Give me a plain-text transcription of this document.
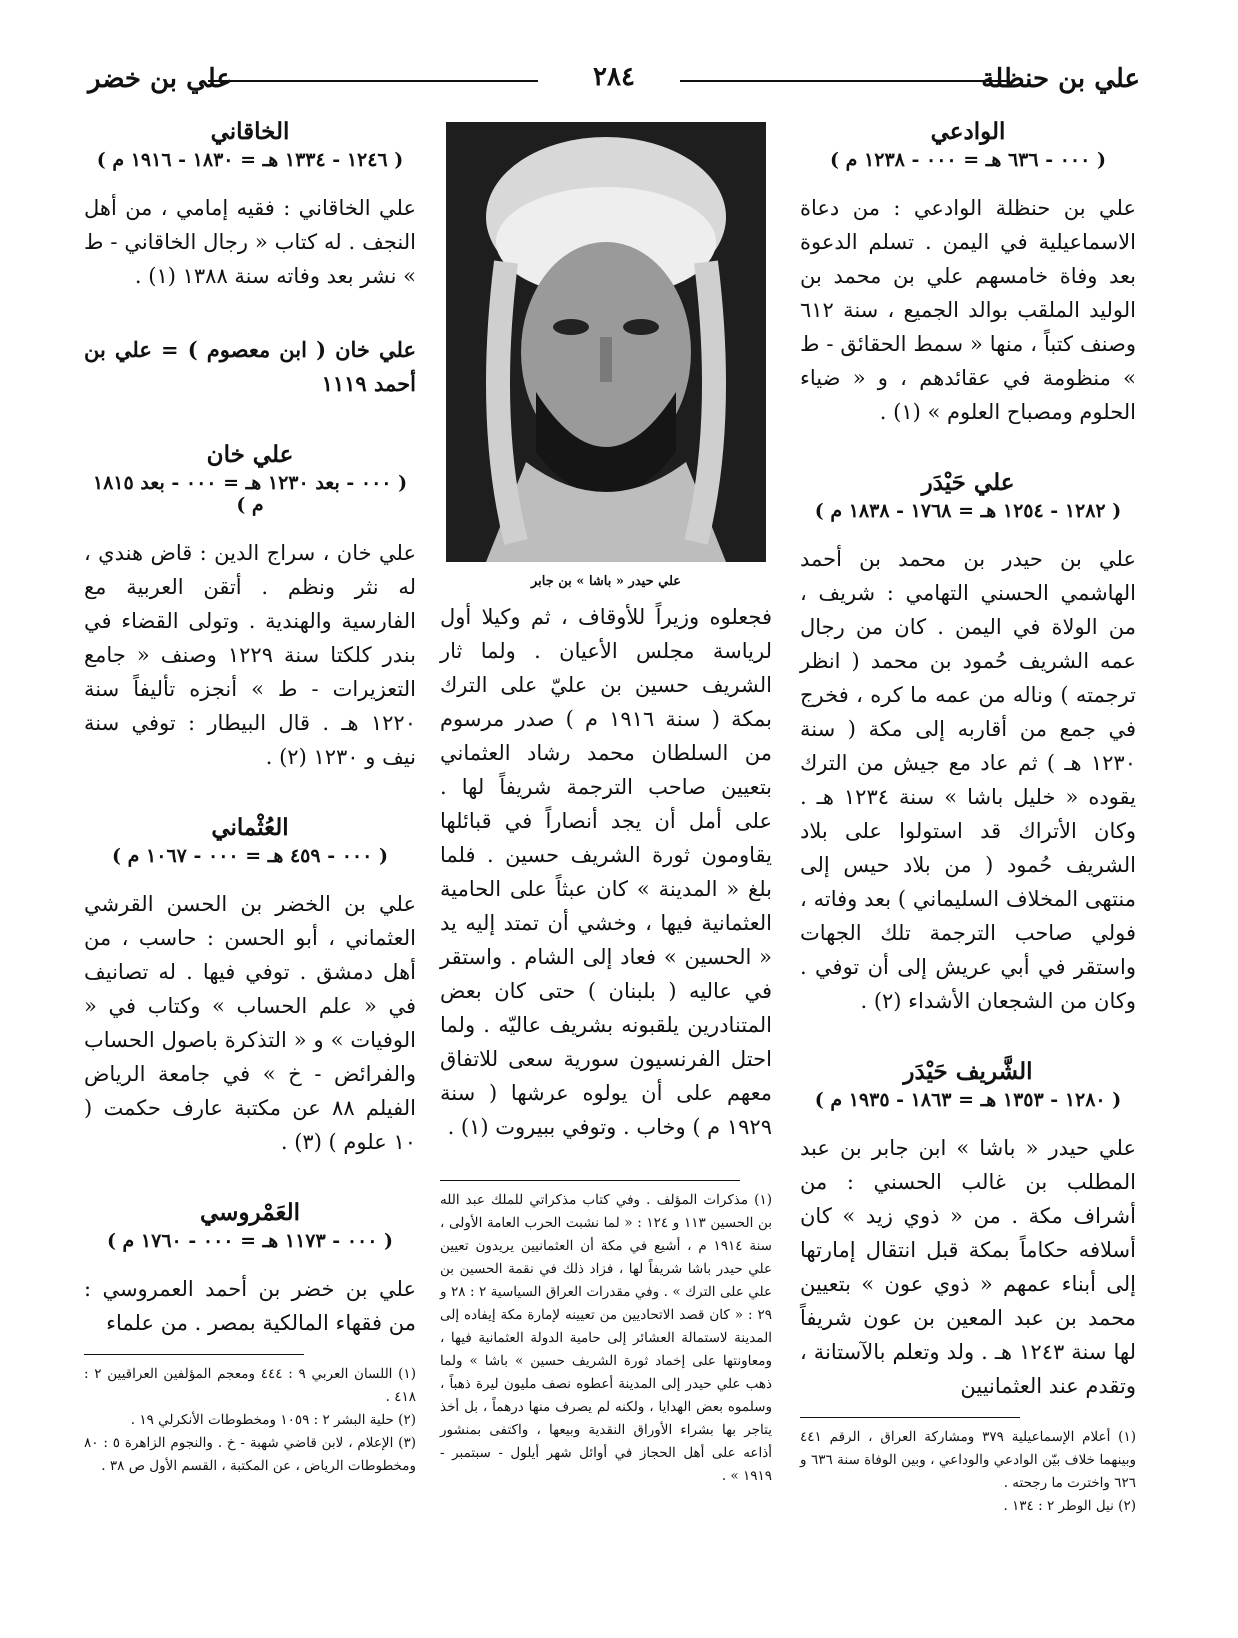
علي بن حنظلة
٢٨٤
علي بن خضر
الوادعي
( ٠٠٠ - ٦٣٦ هـ = ٠٠٠ - ١٢٣٨ م )

علي بن حنظلة الوادعي : من دعاة الاسماعيلية في اليمن . تسلم الدعوة بعد وفاة خامسهم علي بن محمد بن الوليد الملقب بوالد الجميع ، سنة ٦١٢ وصنف كتباً ، منها « سمط الحقائق - ط » منظومة في عقائدهم ، و « ضياء الحلوم ومصباح العلوم » (١) .

علي حَيْدَر
( ١٢٨٢ - ١٢٥٤ هـ = ١٧٦٨ - ١٨٣٨ م )

علي بن حيدر بن محمد بن أحمد الهاشمي الحسني التهامي : شريف ، من الولاة في اليمن . كان من رجال عمه الشريف حُمود بن محمد ( انظر ترجمته ) وناله من عمه ما كره ، فخرج في جمع من أقاربه إلى مكة ( سنة ١٢٣٠ هـ ) ثم عاد مع جيش من الترك يقوده « خليل باشا » سنة ١٢٣٤ هـ . وكان الأتراك قد استولوا على بلاد الشريف حُمود ( من بلاد حيس إلى منتهى المخلاف السليماني ) بعد وفاته ، فولي صاحب الترجمة تلك الجهات واستقر في أبي عريش إلى أن توفي . وكان من الشجعان الأشداء (٢) .

الشَّريف حَيْدَر
( ١٢٨٠ - ١٣٥٣ هـ = ١٨٦٣ - ١٩٣٥ م )

علي حيدر « باشا » ابن جابر بن عبد المطلب بن غالب الحسني : من أشراف مكة . من « ذوي زيد » كان أسلافه حكاماً بمكة قبل انتقال إمارتها إلى أبناء عمهم « ذوي عون » بتعيين محمد بن عبد المعين بن عون شريفاً لها سنة ١٢٤٣ هـ . ولد وتعلم بالآستانة ، وتقدم عند العثمانيين

(١) أعلام الإسماعيلية ٣٧٩ ومشاركة العراق ، الرقم ٤٤١ وبينهما خلاف بيّن الوادعي والوداعي ، وبين الوفاة سنة ٦٣٦ و ٦٢٦ واخترت ما رجحته .

(٢) نيل الوطر ٢ : ١٣٤ .

علي حيدر « باشا » بن جابر

فجعلوه وزيراً للأوقاف ، ثم وكيلا أول لرياسة مجلس الأعيان . ولما ثار الشريف حسين بن عليّ على الترك بمكة ( سنة ١٩١٦ م ) صدر مرسوم من السلطان محمد رشاد العثماني بتعيين صاحب الترجمة شريفاً لها . على أمل أن يجد أنصاراً في قبائلها يقاومون ثورة الشريف حسين . فلما بلغ « المدينة » كان عبثاً على الحامية العثمانية فيها ، وخشي أن تمتد إليه يد « الحسين » فعاد إلى الشام . واستقر في عاليه ( بلبنان ) حتى كان بعض المتنادرين يلقبونه بشريف عاليّه . ولما احتل الفرنسيون سورية سعى للاتفاق معهم على أن يولوه عرشها ( سنة ١٩٢٩ م ) وخاب . وتوفي ببيروت (١) .

(١) مذكرات المؤلف . وفي كتاب مذكراتي للملك عبد الله بن الحسين ١١٣ و ١٢٤ : « لما نشبت الحرب العامة الأولى ، سنة ١٩١٤ م ، أشيع في مكة أن العثمانيين يريدون تعيين علي حيدر باشا شريفاً لها ، فزاد ذلك في نقمة الحسين بن علي على الترك » . وفي مقدرات العراق السياسية ٢ : ٢٨ و ٢٩ : « كان قصد الاتحاديين من تعيينه لإمارة مكة إيفاده إلى المدينة لاستمالة العشائر إلى حامية الدولة العثمانية فيها ، ومعاونتها على إخماد ثورة الشريف حسين » باشا » ولما ذهب علي حيدر إلى المدينة أعطوه نصف مليون ليرة ذهباً ، وسلموه بعض الهدايا ، ولكنه لم يصرف منها درهماً ، بل أخذ يتاجر بها بشراء الأوراق النقدية وبيعها ، واكتفى بمنشور أذاعه على أهل الحجاز في أوائل شهر أيلول - سبتمبر - ١٩١٩ » .

الخاقاني
( ١٢٤٦ - ١٣٣٤ هـ = ١٨٣٠ - ١٩١٦ م )

علي الخاقاني : فقيه إمامي ، من أهل النجف . له كتاب « رجال الخاقاني - ط » نشر بعد وفاته سنة ١٣٨٨ (١) .

علي خان ( ابن معصوم ) = علي بن أحمد ١١١٩

علي خان
( ٠٠٠ - بعد ١٢٣٠ هـ = ٠٠٠ - بعد ١٨١٥ م )

علي خان ، سراج الدين : قاض هندي ، له نثر ونظم . أتقن العربية مع الفارسية والهندية . وتولى القضاء في بندر كلكتا سنة ١٢٢٩ وصنف « جامع التعزيرات - ط » أنجزه تأليفاً سنة ١٢٢٠ هـ . قال البيطار : توفي سنة نيف و ١٢٣٠ (٢) .

العُثْماني
( ٠٠٠ - ٤٥٩ هـ = ٠٠٠ - ١٠٦٧ م )

علي بن الخضر بن الحسن القرشي العثماني ، أبو الحسن : حاسب ، من أهل دمشق . توفي فيها . له تصانيف في « علم الحساب » وكتاب في « الوفيات » و « التذكرة باصول الحساب والفرائض - خ » في جامعة الرياض الفيلم ٨٨ عن مكتبة عارف حكمت ( ١٠ علوم ) (٣) .

العَمْروسي
( ٠٠٠ - ١١٧٣ هـ = ٠٠٠ - ١٧٦٠ م )

علي بن خضر بن أحمد العمروسي : من فقهاء المالكية بمصر . من علماء

(١) اللسان العربي ٩ : ٤٤٤ ومعجم المؤلفين العراقيين ٢ : ٤١٨ .

(٢) حلية البشر ٢ : ١٠٥٩ ومخطوطات الأنكرلي ١٩ .

(٣) الإعلام ، لابن قاضي شهبة - خ . والنجوم الزاهرة ٥ : ٨٠ ومخطوطات الرياض ، عن المكتبة ، القسم الأول ص ٣٨ .
